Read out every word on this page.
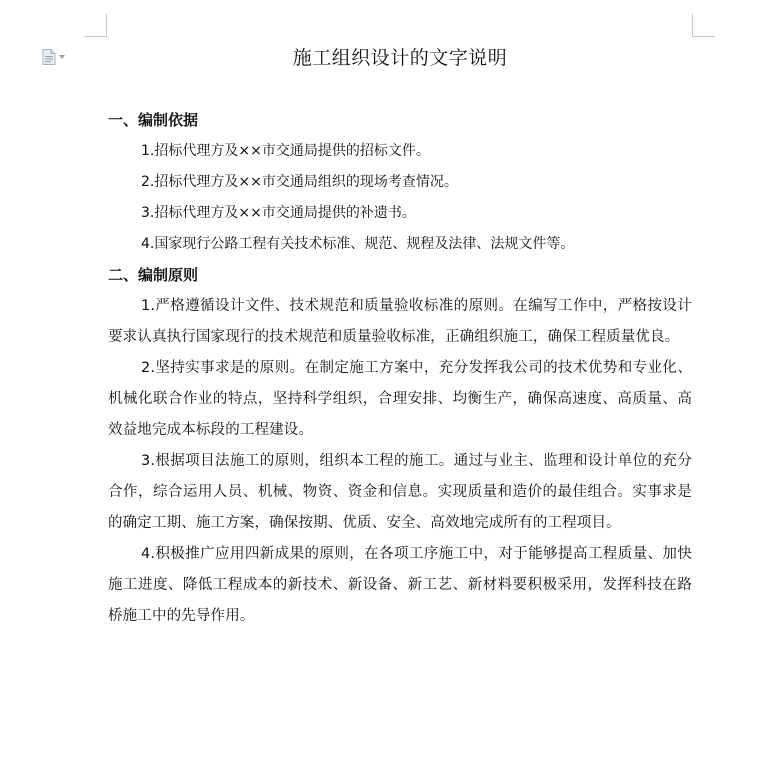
施工组织设计的文字说明

一、编制依据

1.招标代理方及××市交通局提供的招标文件。

2.招标代理方及××市交通局组织的现场考查情况。

3.招标代理方及××市交通局提供的补遗书。

4.国家现行公路工程有关技术标准、规范、规程及法律、法规文件等。

二、编制原则

1.严格遵循设计文件、技术规范和质量验收标准的原则。在编写工作中，严格按设计要求认真执行国家现行的技术规范和质量验收标准，正确组织施工，确保工程质量优良。

2.坚持实事求是的原则。在制定施工方案中，充分发挥我公司的技术优势和专业化、机械化联合作业的特点，坚持科学组织，合理安排、均衡生产，确保高速度、高质量、高效益地完成本标段的工程建设。

3.根据项目法施工的原则，组织本工程的施工。通过与业主、监理和设计单位的充分合作，综合运用人员、机械、物资、资金和信息。实现质量和造价的最佳组合。实事求是的确定工期、施工方案，确保按期、优质、安全、高效地完成所有的工程项目。

4.积极推广应用四新成果的原则，在各项工序施工中，对于能够提高工程质量、加快施工进度、降低工程成本的新技术、新设备、新工艺、新材料要积极采用，发挥科技在路桥施工中的先导作用。
